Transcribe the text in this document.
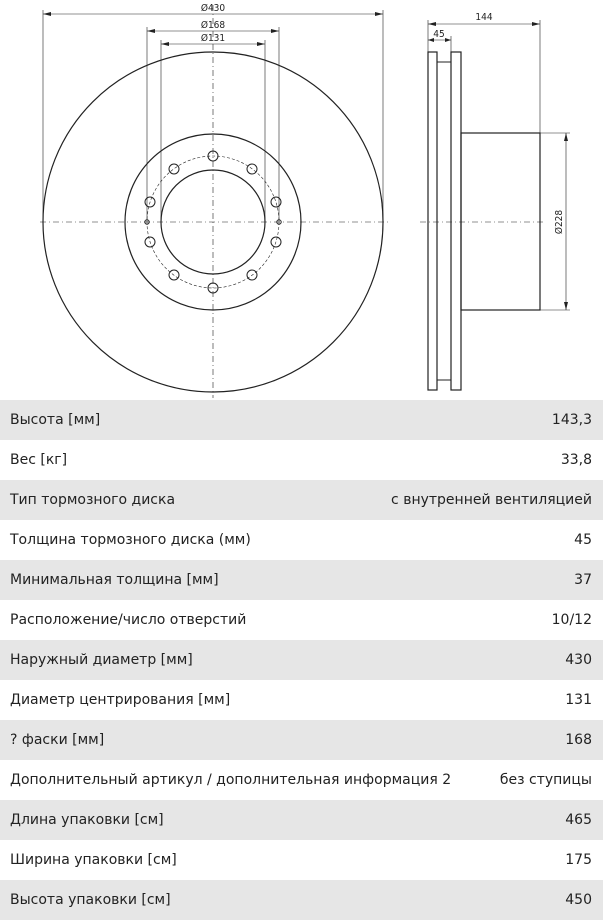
Ø430
Ø168
Ø131
144
45
Ø228
Высота [мм]	143,3
Вес [кг]	33,8
Тип тормозного диска	с внутренней вентиляцией
Толщина тормозного диска (мм)	45
Минимальная толщина [мм]	37
Расположение/число отверстий	10/12
Наружный диаметр [мм]	430
Диаметр центрирования [мм]	131
? фаски [мм]	168
Дополнительный артикул / дополнительная информация 2	без ступицы
Длина упаковки [см]	465
Ширина упаковки [см]	175
Высота упаковки [см]	450
